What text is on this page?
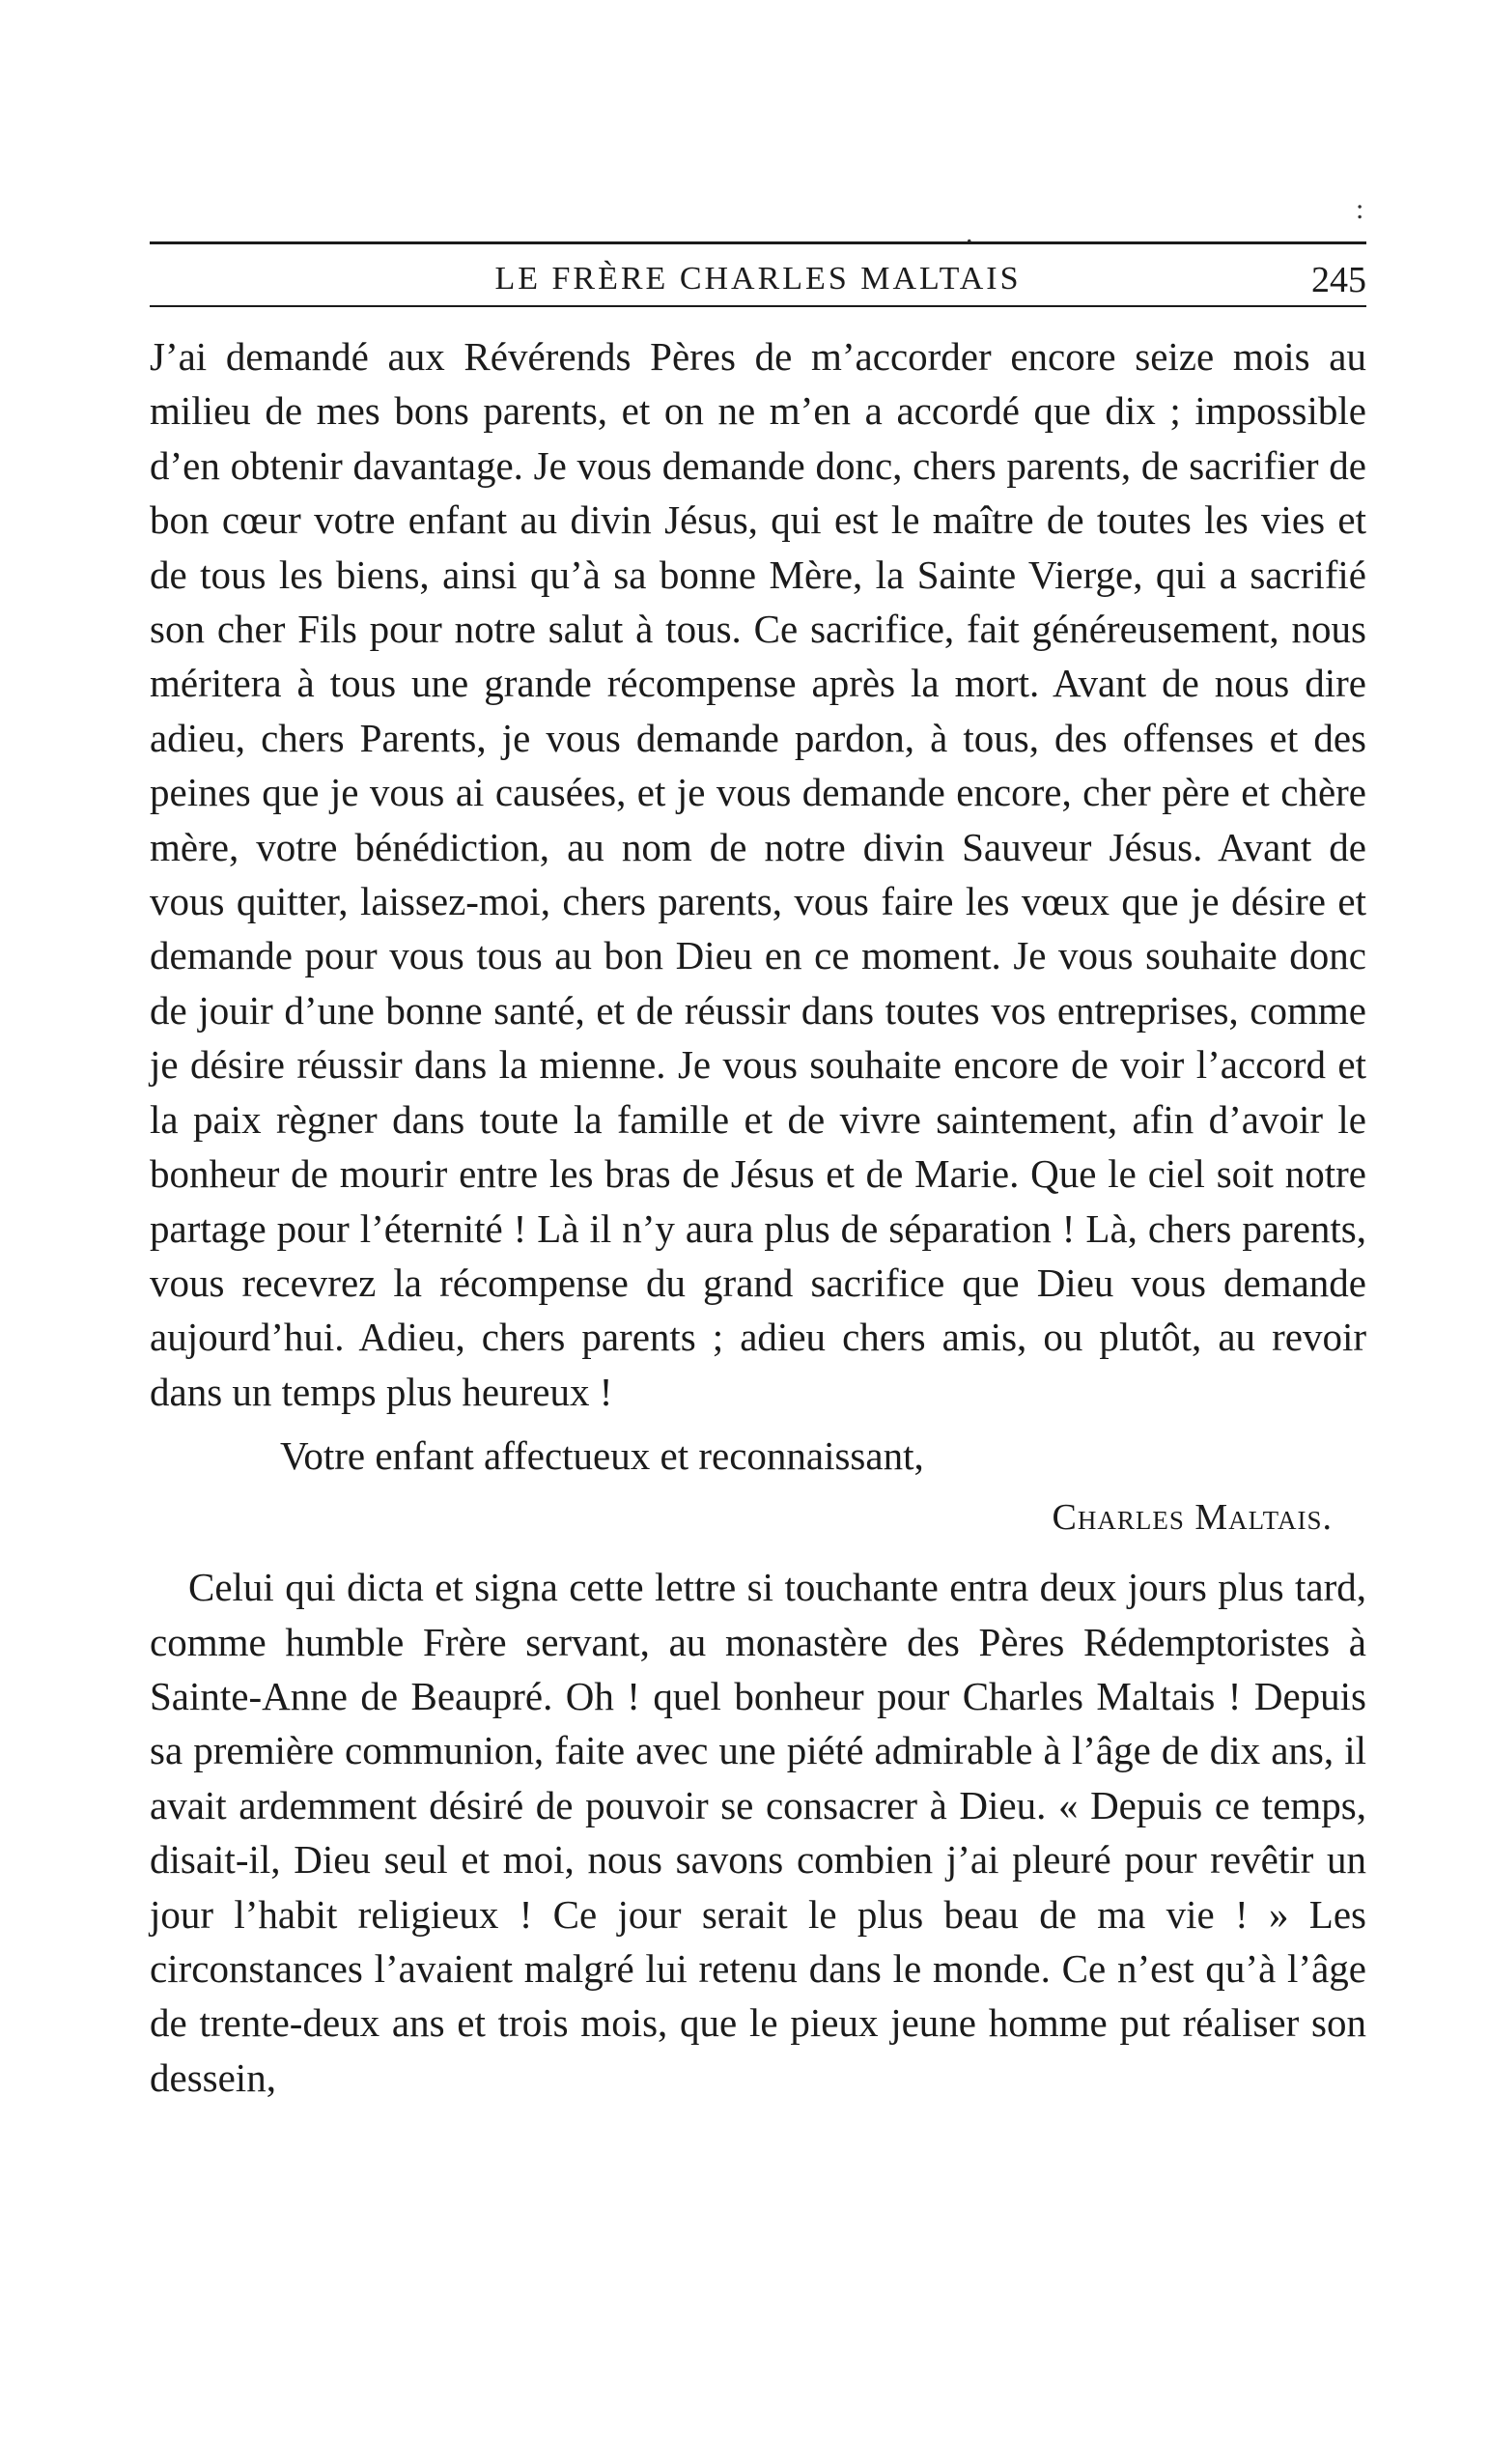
.
:
LE FRÈRE CHARLES MALTAIS	245

J’ai demandé aux Révérends Pères de m’accorder encore seize mois au milieu de mes bons parents, et on ne m’en a accordé que dix ; impossible d’en obtenir davantage. Je vous demande donc, chers parents, de sacrifier de bon cœur votre enfant au divin Jésus, qui est le maître de toutes les vies et de tous les biens, ainsi qu’à sa bonne Mère, la Sainte Vierge, qui a sacrifié son cher Fils pour notre salut à tous. Ce sacrifice, fait généreusement, nous méritera à tous une grande récompense après la mort. Avant de nous dire adieu, chers Parents, je vous demande pardon, à tous, des offenses et des peines que je vous ai causées, et je vous demande encore, cher père et chère mère, votre bénédiction, au nom de notre divin Sauveur Jésus. Avant de vous quitter, laissez-moi, chers parents, vous faire les vœux que je désire et demande pour vous tous au bon Dieu en ce moment. Je vous souhaite donc de jouir d’une bonne santé, et de réussir dans toutes vos entreprises, comme je désire réussir dans la mienne. Je vous souhaite encore de voir l’accord et la paix règner dans toute la famille et de vivre saintement, afin d’avoir le bonheur de mourir entre les bras de Jésus et de Marie. Que le ciel soit notre partage pour l’éternité ! Là il n’y aura plus de séparation ! Là, chers parents, vous recevrez la récompense du grand sacrifice que Dieu vous demande aujourd’hui. Adieu, chers parents ; adieu chers amis, ou plutôt, au revoir dans un temps plus heureux !

Votre enfant affectueux et reconnaissant,

Charles Maltais.

Celui qui dicta et signa cette lettre si touchante entra deux jours plus tard, comme humble Frère servant, au monastère des Pères Rédemptoristes à Sainte-Anne de Beaupré. Oh ! quel bonheur pour Charles Maltais ! Depuis sa première communion, faite avec une piété admirable à l’âge de dix ans, il avait ardemment désiré de pouvoir se consacrer à Dieu. « Depuis ce temps, disait-il, Dieu seul et moi, nous savons combien j’ai pleuré pour revêtir un jour l’habit religieux ! Ce jour serait le plus beau de ma vie ! » Les circonstances l’avaient malgré lui retenu dans le monde. Ce n’est qu’à l’âge de trente-deux ans et trois mois, que le pieux jeune homme put réaliser son dessein,
